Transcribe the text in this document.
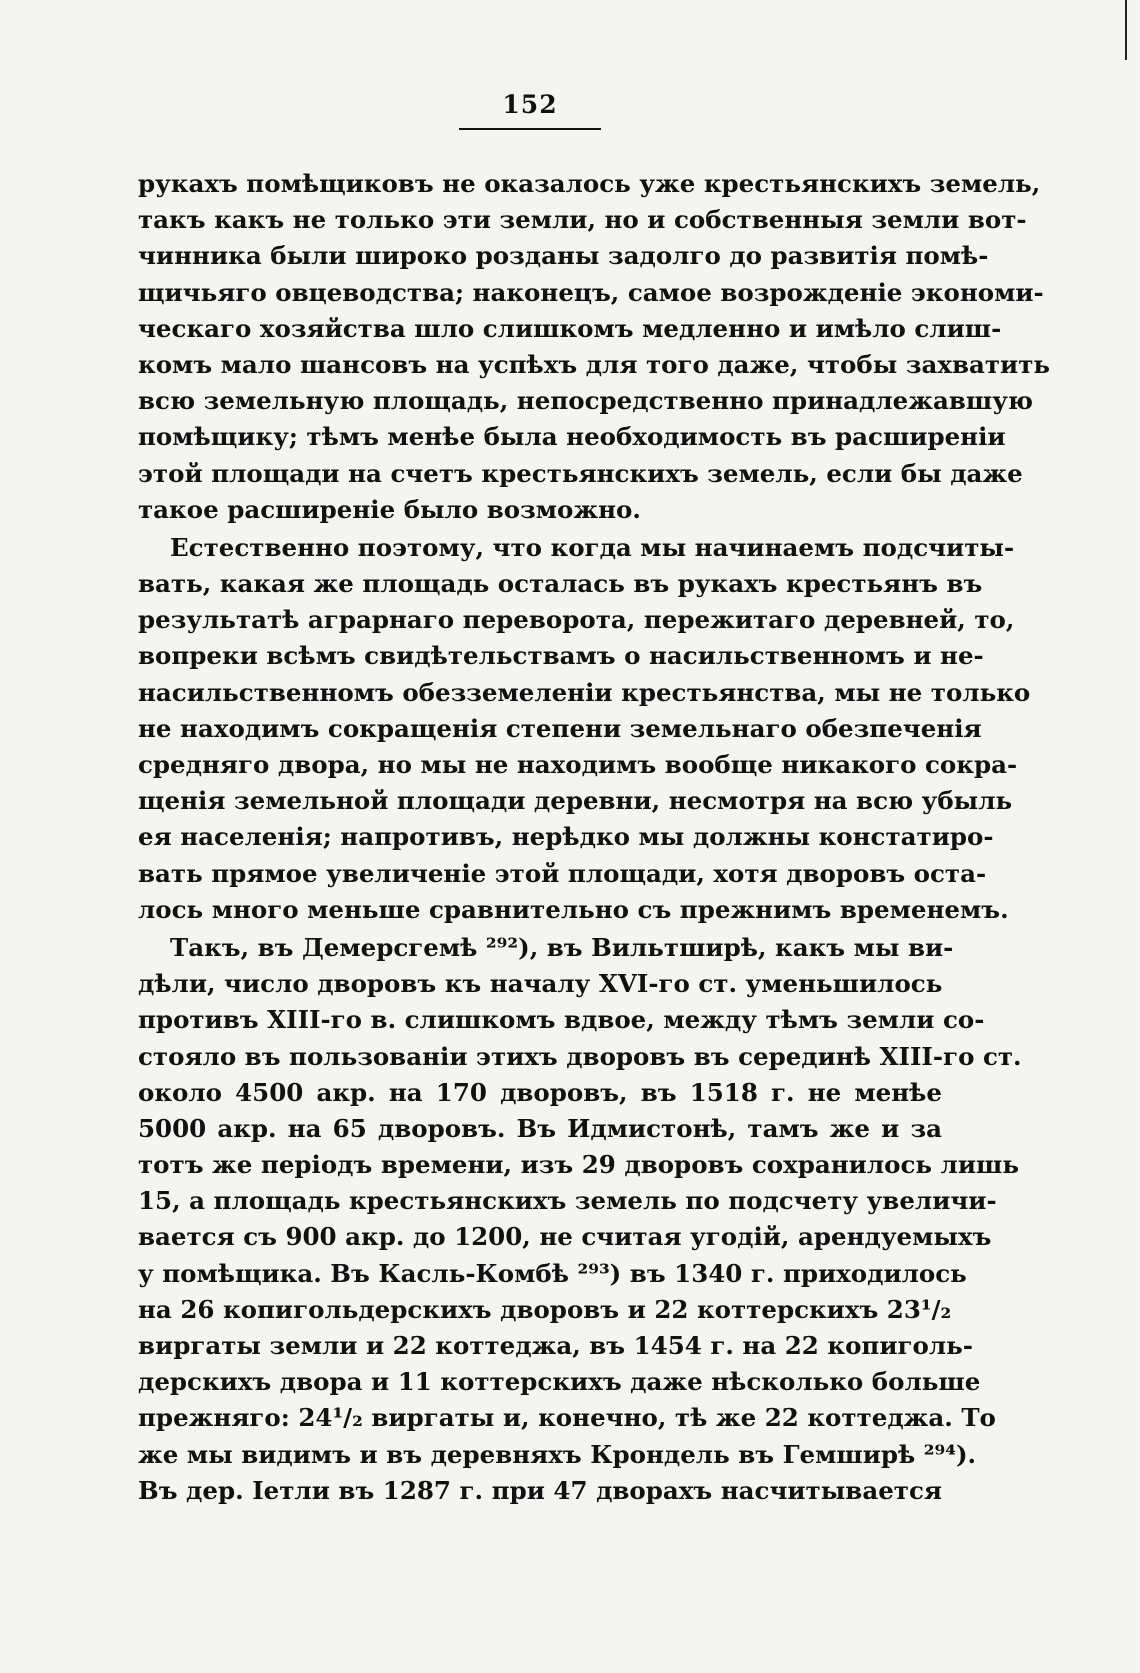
152
рукахъ помѣщиковъ не оказалось уже крестьянскихъ земель,
такъ какъ не только эти земли, но и собственныя земли вот-
чинника были широко розданы задолго до развитія помѣ-
щичьяго овцеводства; наконецъ, самое возрожденіе экономи-
ческаго хозяйства шло слишкомъ медленно и имѣло слиш-
комъ мало шансовъ на успѣхъ для того даже, чтобы захватить
всю земельную площадь, непосредственно принадлежавшую
помѣщику; тѣмъ менѣе была необходимость въ расширеніи
этой площади на счетъ крестьянскихъ земель, если бы даже
такое расширеніе было возможно.
Естественно поэтому, что когда мы начинаемъ подсчиты-
вать, какая же площадь осталась въ рукахъ крестьянъ въ
результатѣ аграрнаго переворота, пережитаго деревней, то,
вопреки всѣмъ свидѣтельствамъ о насильственномъ и не-
насильственномъ обезземеленіи крестьянства, мы не только
не находимъ сокращенія степени земельнаго обезпеченія
средняго двора, но мы не находимъ вообще никакого сокра-
щенія земельной площади деревни, несмотря на всю убыль
ея населенія; напротивъ, нерѣдко мы должны констатиро-
вать прямое увеличеніе этой площади, хотя дворовъ оста-
лось много меньше сравнительно съ прежнимъ временемъ.
Такъ, въ Демерсгемѣ ²⁹²), въ Вильтширѣ, какъ мы ви-
дѣли, число дворовъ къ началу XVI-го ст. уменьшилось
противъ XIII-го в. слишкомъ вдвое, между тѣмъ земли со-
стояло въ пользованіи этихъ дворовъ въ серединѣ XIII-го ст.
около 4500 акр. на 170 дворовъ, въ 1518 г. не менѣе
5000 акр. на 65 дворовъ. Въ Идмистонѣ, тамъ же и за
тотъ же періодъ времени, изъ 29 дворовъ сохранилось лишь
15, а площадь крестьянскихъ земель по подсчету увеличи-
вается съ 900 акр. до 1200, не считая угодій, арендуемыхъ
у помѣщика. Въ Касль-Комбѣ ²⁹³) въ 1340 г. приходилось
на 26 копигольдерскихъ дворовъ и 22 коттерскихъ 23¹/₂
виргаты земли и 22 коттеджа, въ 1454 г. на 22 копиголь-
дерскихъ двора и 11 коттерскихъ даже нѣсколько больше
прежняго: 24¹/₂ виргаты и, конечно, тѣ же 22 коттеджа. То
же мы видимъ и въ деревняхъ Крондель въ Гемширѣ ²⁹⁴).
Въ дер. Іетли въ 1287 г. при 47 дворахъ насчитывается
